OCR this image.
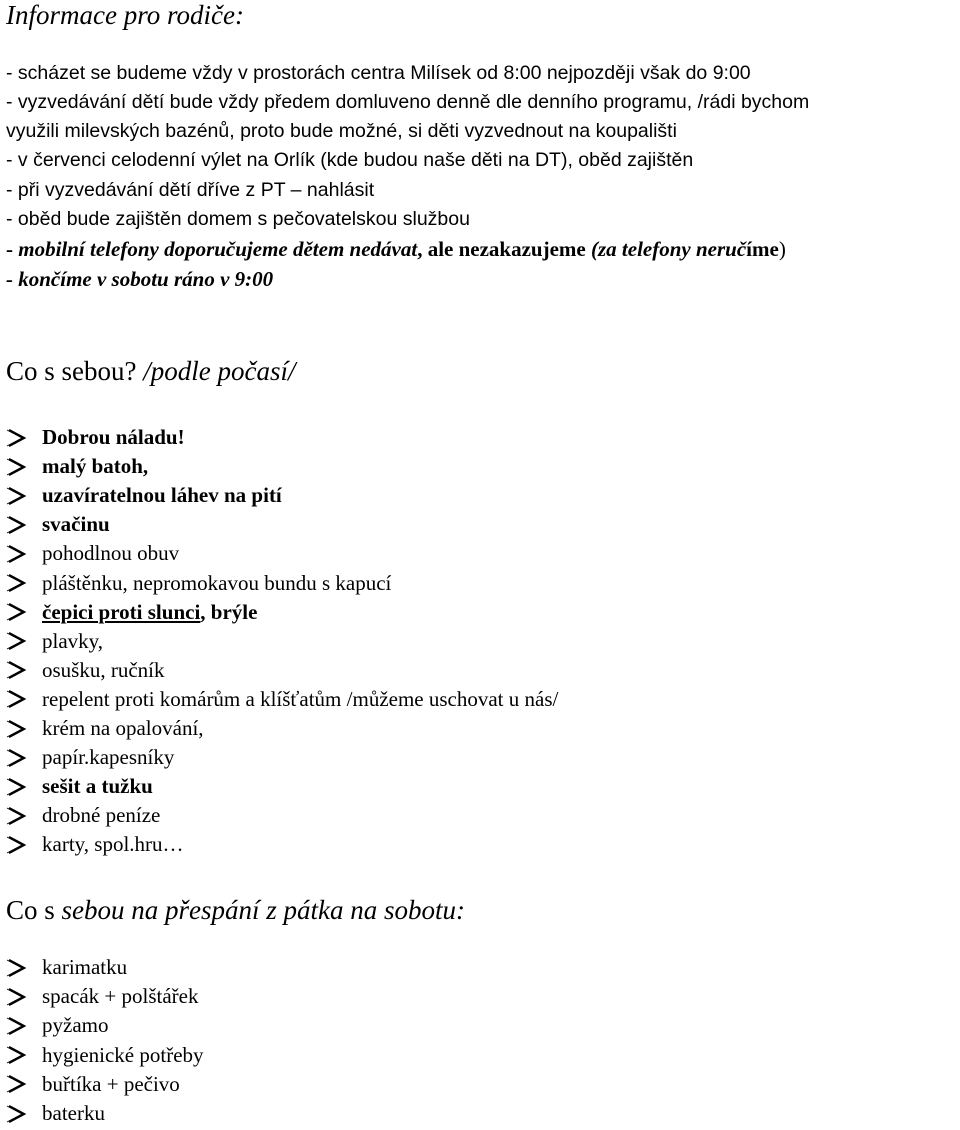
Informace pro rodiče:
- scházet se budeme vždy v prostorách centra Milísek od 8:00 nejpozději však do 9:00
- vyzvedávání dětí bude vždy předem domluveno denně dle denního programu, /rádi bychom
využili milevských bazénů, proto bude možné, si děti vyzvednout na koupališti
- v červenci celodenní výlet na Orlík (kde budou naše děti na DT), oběd zajištěn
- při vyzvedávání dětí dříve z PT – nahlásit
- oběd bude zajištěn domem s pečovatelskou službou
- mobilní telefony doporučujeme dětem nedávat, ale nezakazujeme (za telefony neručíme)
- končíme v sobotu ráno v 9:00
Co s sebou? /podle počasí/
Dobrou náladu!
malý batoh,
uzavíratelnou láhev na pití
svačinu
pohodlnou obuv
pláštěnku, nepromokavou bundu s kapucí
čepici proti slunci, brýle
plavky,
osušku, ručník
repelent proti komárům a klíšťatům /můžeme uschovat u nás/
krém na opalování,
papír.kapesníky
sešit a tužku
drobné peníze
karty, spol.hru…
Co s sebou na přespání z pátka na sobotu:
karimatku
spacák + polštářek
pyžamo
hygienické potřeby
buřtíka + pečivo
baterku
